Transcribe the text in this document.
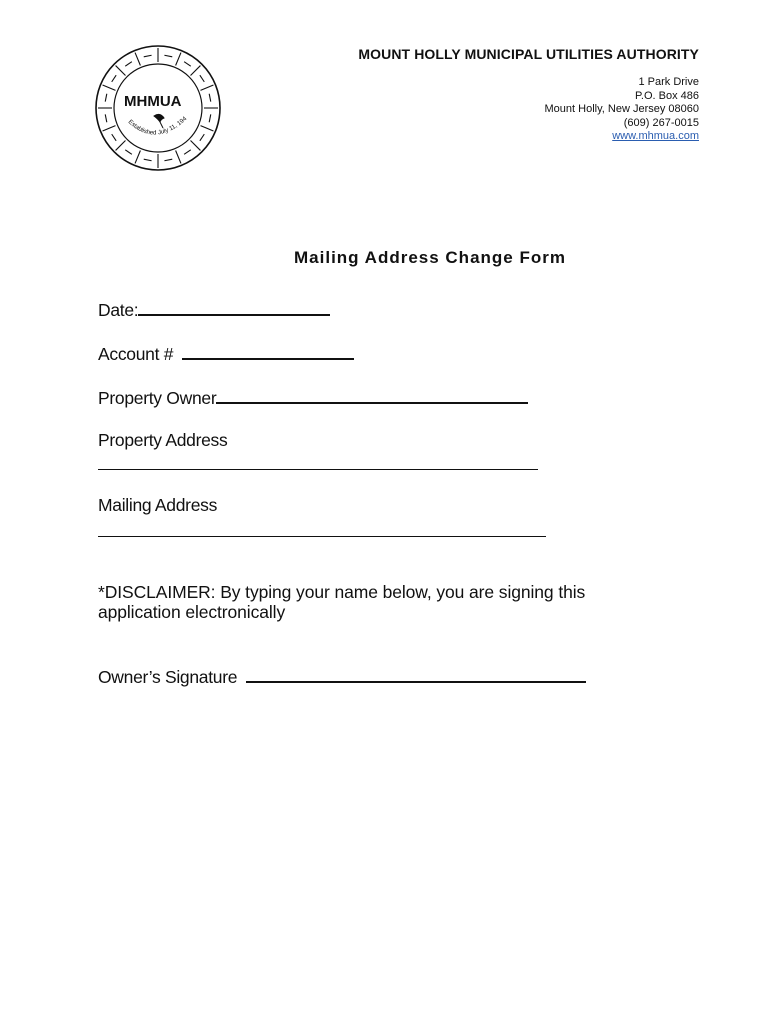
MHMUA
Established July 11, 194
MOUNT HOLLY MUNICIPAL UTILITIES AUTHORITY
1 Park Drive
P.O. Box 486
Mount Holly, New Jersey 08060
(609) 267-0015
www.mhmua.com
Mailing Address Change Form
Date:
Account #
Property Owner
Property Address
Mailing Address
*DISCLAIMER: By typing your name below, you are signing this
application electronically
Owner’s Signature
